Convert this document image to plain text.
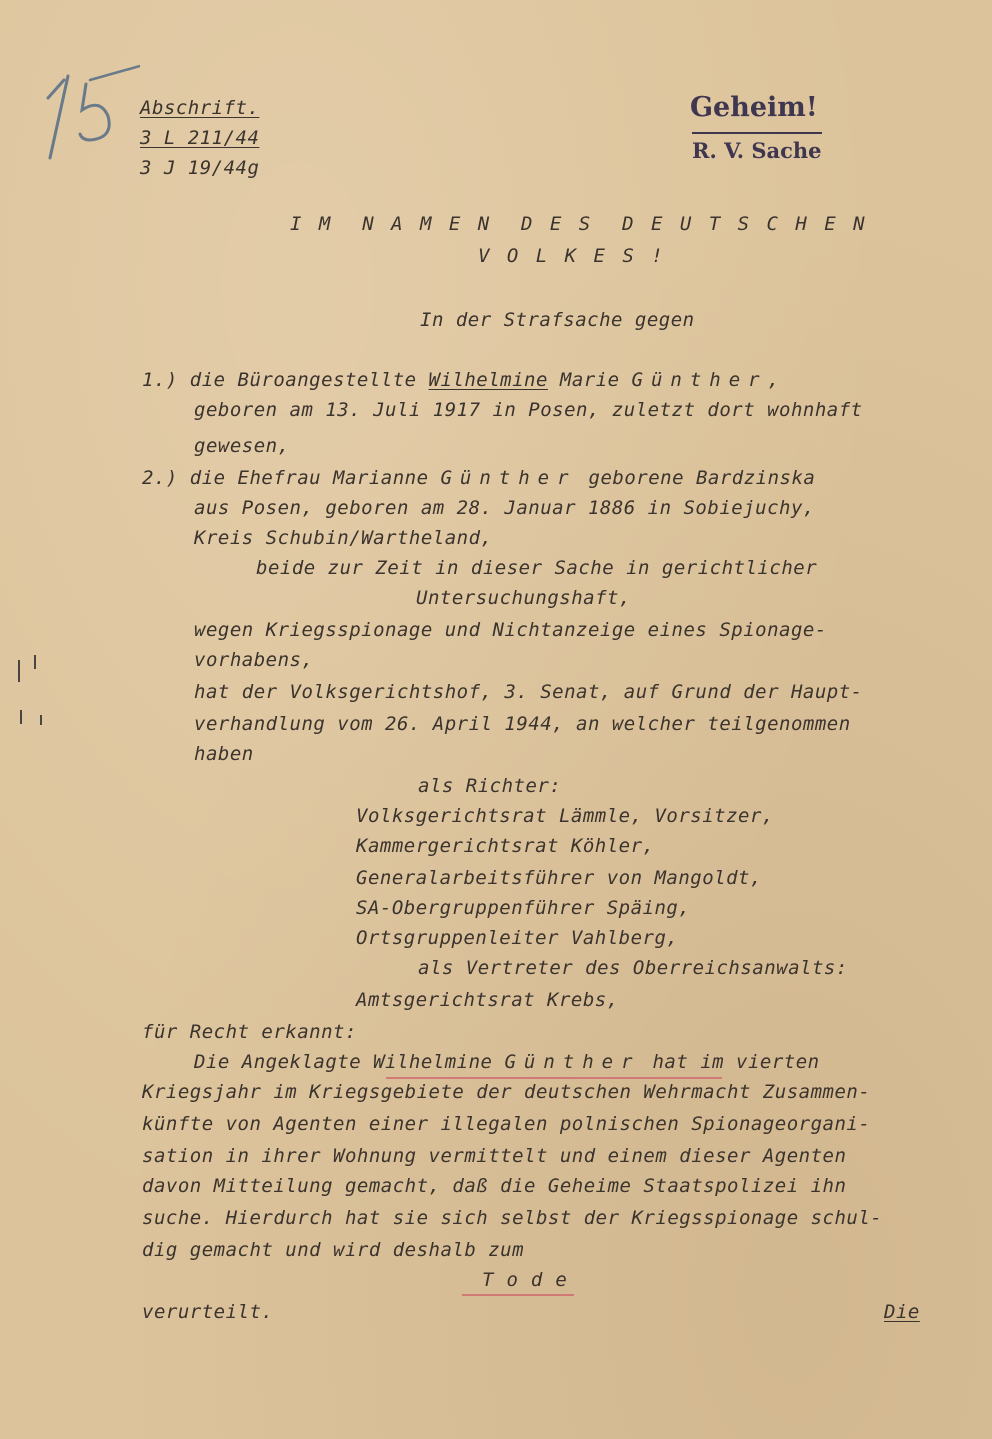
Abschrift.
3 L 211/44
3 J 19/44g
Geheim!
R. V. Sache
I M  N A M E N  D E S  D E U T S C H E N
V O L K E S !
In der Strafsache gegen
1.) die Büroangestellte Wilhelmine Marie Günther,
geboren am 13. Juli 1917 in Posen, zuletzt dort wohnhaft
gewesen,
2.) die Ehefrau Marianne Günther geborene Bardzinska
aus Posen, geboren am 28. Januar 1886 in Sobiejuchy,
Kreis Schubin/Wartheland,
beide zur Zeit in dieser Sache in gerichtlicher
Untersuchungshaft,
wegen Kriegsspionage und Nichtanzeige eines Spionage-
vorhabens,
hat der Volksgerichtshof, 3. Senat, auf Grund der Haupt-
verhandlung vom 26. April 1944, an welcher teilgenommen
haben
als Richter:
Volksgerichtsrat Lämmle, Vorsitzer,
Kammergerichtsrat Köhler,
Generalarbeitsführer von Mangoldt,
SA-Obergruppenführer Späing,
Ortsgruppenleiter Vahlberg,
als Vertreter des Oberreichsanwalts:
Amtsgerichtsrat Krebs,
für Recht erkannt:
Die Angeklagte Wilhelmine Günther hat im vierten
Kriegsjahr im Kriegsgebiete der deutschen Wehrmacht Zusammen-
künfte von Agenten einer illegalen polnischen Spionageorgani-
sation in ihrer Wohnung vermittelt und einem dieser Agenten
davon Mitteilung gemacht, daß die Geheime Staatspolizei ihn
suche. Hierdurch hat sie sich selbst der Kriegsspionage schul-
dig gemacht und wird deshalb zum
Tode
verurteilt.	Die
